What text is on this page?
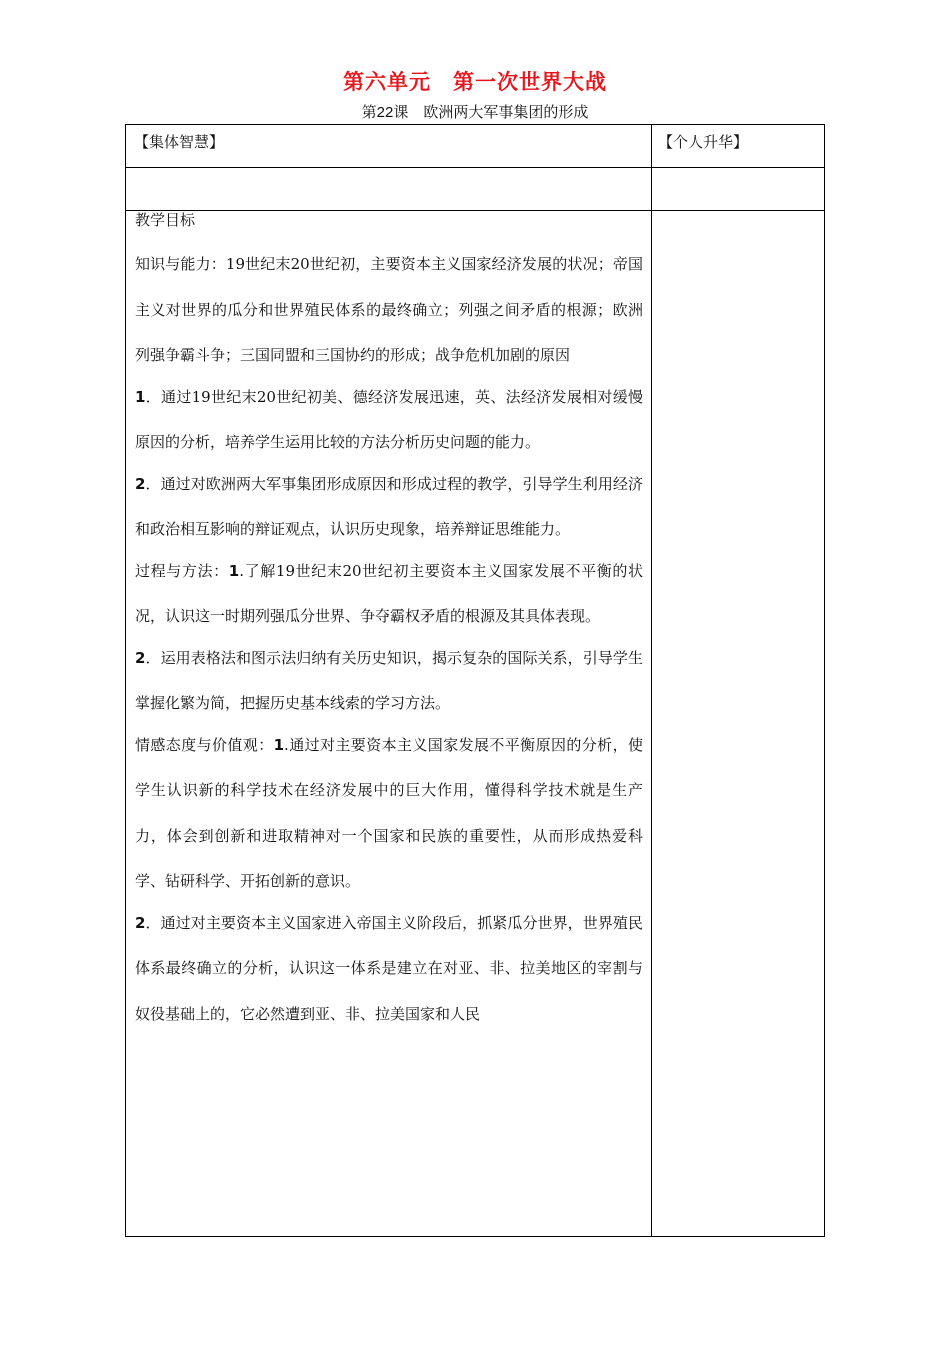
第六单元　第一次世界大战
第22课　欧洲两大军事集团的形成
【集体智慧】	【个人升华】

教学目标

知识与能力：19世纪末20世纪初，主要资本主义国家经济发展的状况；帝国主义对世界的瓜分和世界殖民体系的最终确立；列强之间矛盾的根源；欧洲列强争霸斗争；三国同盟和三国协约的形成；战争危机加剧的原因

1．通过19世纪末20世纪初美、德经济发展迅速，英、法经济发展相对缓慢原因的分析，培养学生运用比较的方法分析历史问题的能力。

2．通过对欧洲两大军事集团形成原因和形成过程的教学，引导学生利用经济和政治相互影响的辩证观点，认识历史现象，培养辩证思维能力。

过程与方法：1.了解19世纪末20世纪初主要资本主义国家发展不平衡的状况，认识这一时期列强瓜分世界、争夺霸权矛盾的根源及其具体表现。

2．运用表格法和图示法归纳有关历史知识，揭示复杂的国际关系，引导学生掌握化繁为简，把握历史基本线索的学习方法。

情感态度与价值观：1.通过对主要资本主义国家发展不平衡原因的分析，使学生认识新的科学技术在经济发展中的巨大作用，懂得科学技术就是生产力，体会到创新和进取精神对一个国家和民族的重要性，从而形成热爱科学、钻研科学、开拓创新的意识。

2．通过对主要资本主义国家进入帝国主义阶段后，抓紧瓜分世界，世界殖民体系最终确立的分析，认识这一体系是建立在对亚、非、拉美地区的宰割与奴役基础上的，它必然遭到亚、非、拉美国家和人民
